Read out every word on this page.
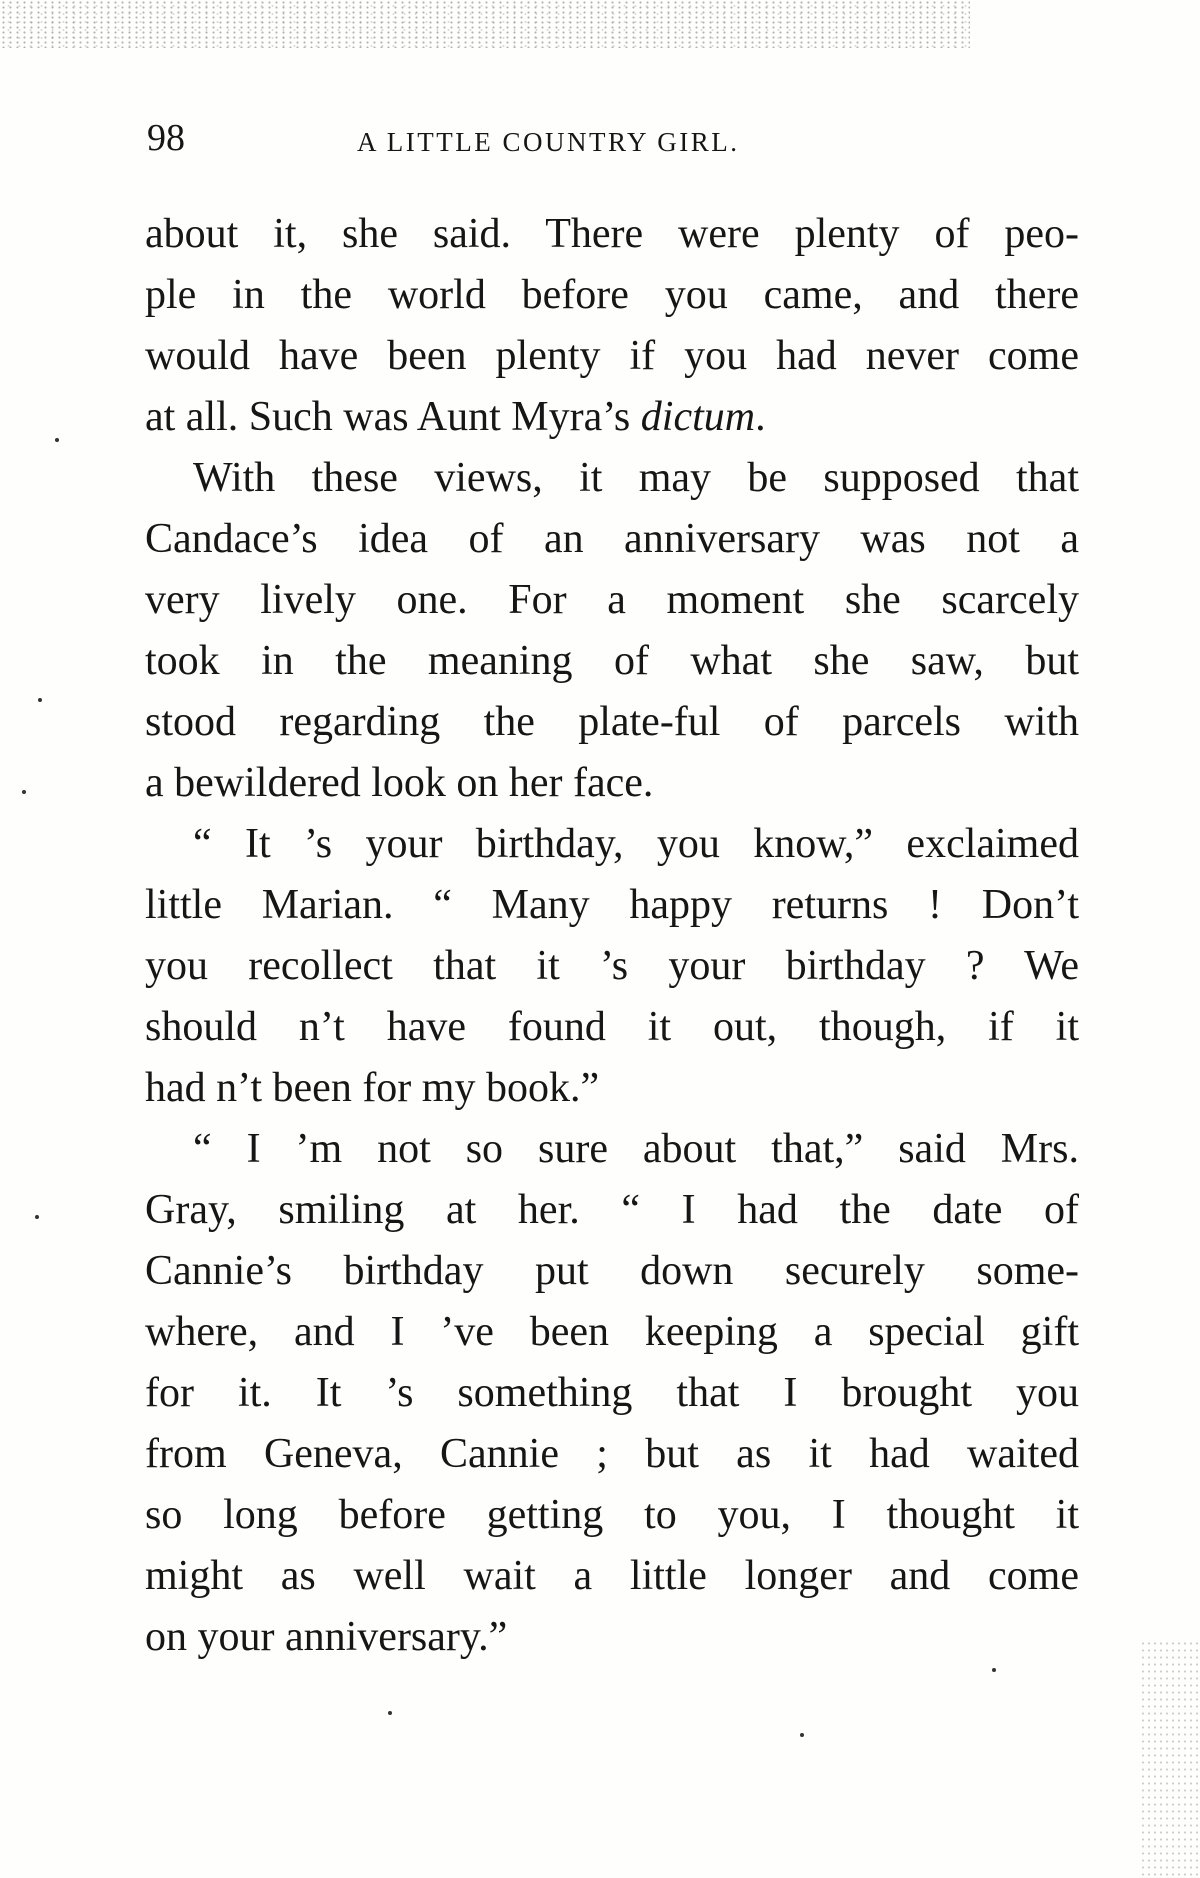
98	A LITTLE COUNTRY GIRL.
about it, she said. There were plenty of peo-
ple in the world before you came, and there
would have been plenty if you had never come
at all. Such was Aunt Myra’s dictum.
With these views, it may be supposed that
Candace’s idea of an anniversary was not a
very lively one. For a moment she scarcely
took in the meaning of what she saw, but
stood regarding the plate-ful of parcels with
a bewildered look on her face.
“ It ’s your birthday, you know,” exclaimed
little Marian. “ Many happy returns ! Don’t
you recollect that it ’s your birthday ? We
should n’t have found it out, though, if it
had n’t been for my book.”
“ I ’m not so sure about that,” said Mrs.
Gray, smiling at her. “ I had the date of
Cannie’s birthday put down securely some-
where, and I ’ve been keeping a special gift
for it. It ’s something that I brought you
from Geneva, Cannie ; but as it had waited
so long before getting to you, I thought it
might as well wait a little longer and come
on your anniversary.”
